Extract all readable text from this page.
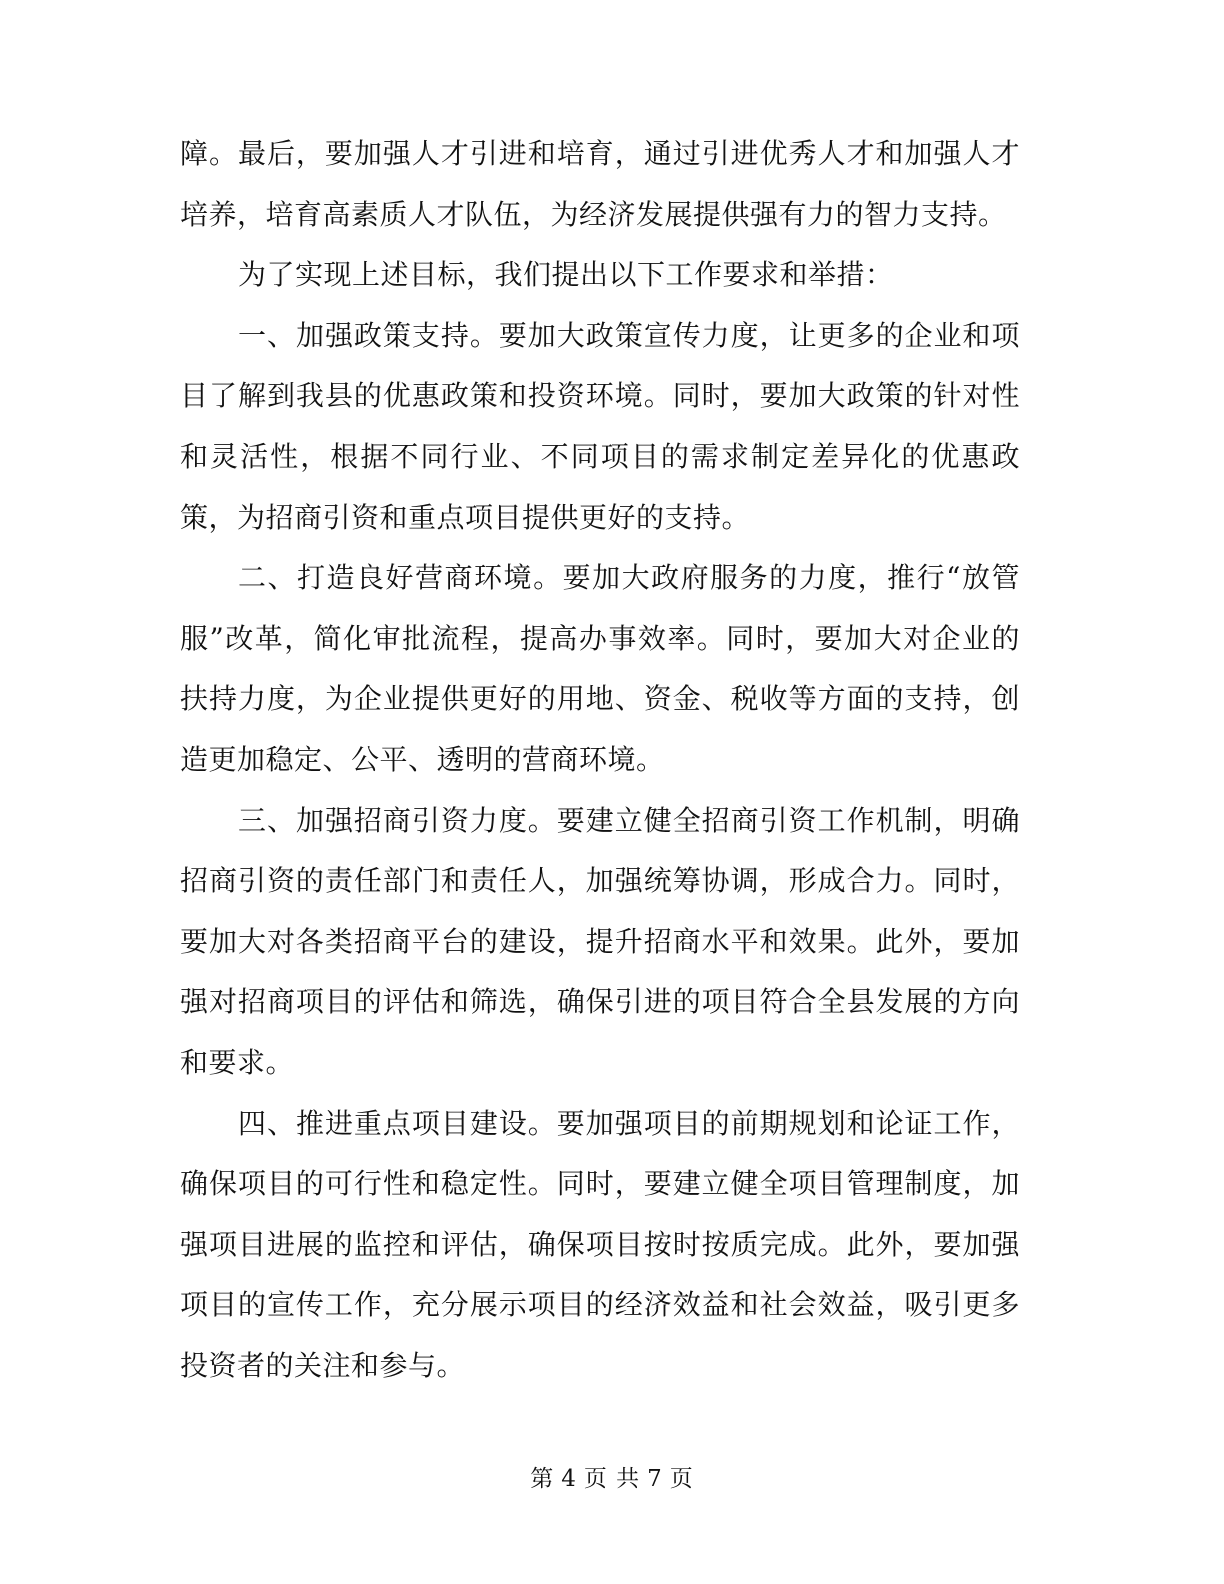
障。最后，要加强人才引进和培育，通过引进优秀人才和加强人才培养，培育高素质人才队伍，为经济发展提供强有力的智力支持。

为了实现上述目标，我们提出以下工作要求和举措：

一、加强政策支持。要加大政策宣传力度，让更多的企业和项目了解到我县的优惠政策和投资环境。同时，要加大政策的针对性和灵活性，根据不同行业、不同项目的需求制定差异化的优惠政策，为招商引资和重点项目提供更好的支持。

二、打造良好营商环境。要加大政府服务的力度，推行“放管服”改革，简化审批流程，提高办事效率。同时，要加大对企业的扶持力度，为企业提供更好的用地、资金、税收等方面的支持，创造更加稳定、公平、透明的营商环境。

三、加强招商引资力度。要建立健全招商引资工作机制，明确招商引资的责任部门和责任人，加强统筹协调，形成合力。同时，要加大对各类招商平台的建设，提升招商水平和效果。此外，要加强对招商项目的评估和筛选，确保引进的项目符合全县发展的方向和要求。

四、推进重点项目建设。要加强项目的前期规划和论证工作，确保项目的可行性和稳定性。同时，要建立健全项目管理制度，加强项目进展的监控和评估，确保项目按时按质完成。此外，要加强项目的宣传工作，充分展示项目的经济效益和社会效益，吸引更多投资者的关注和参与。

第 4 页 共 7 页
